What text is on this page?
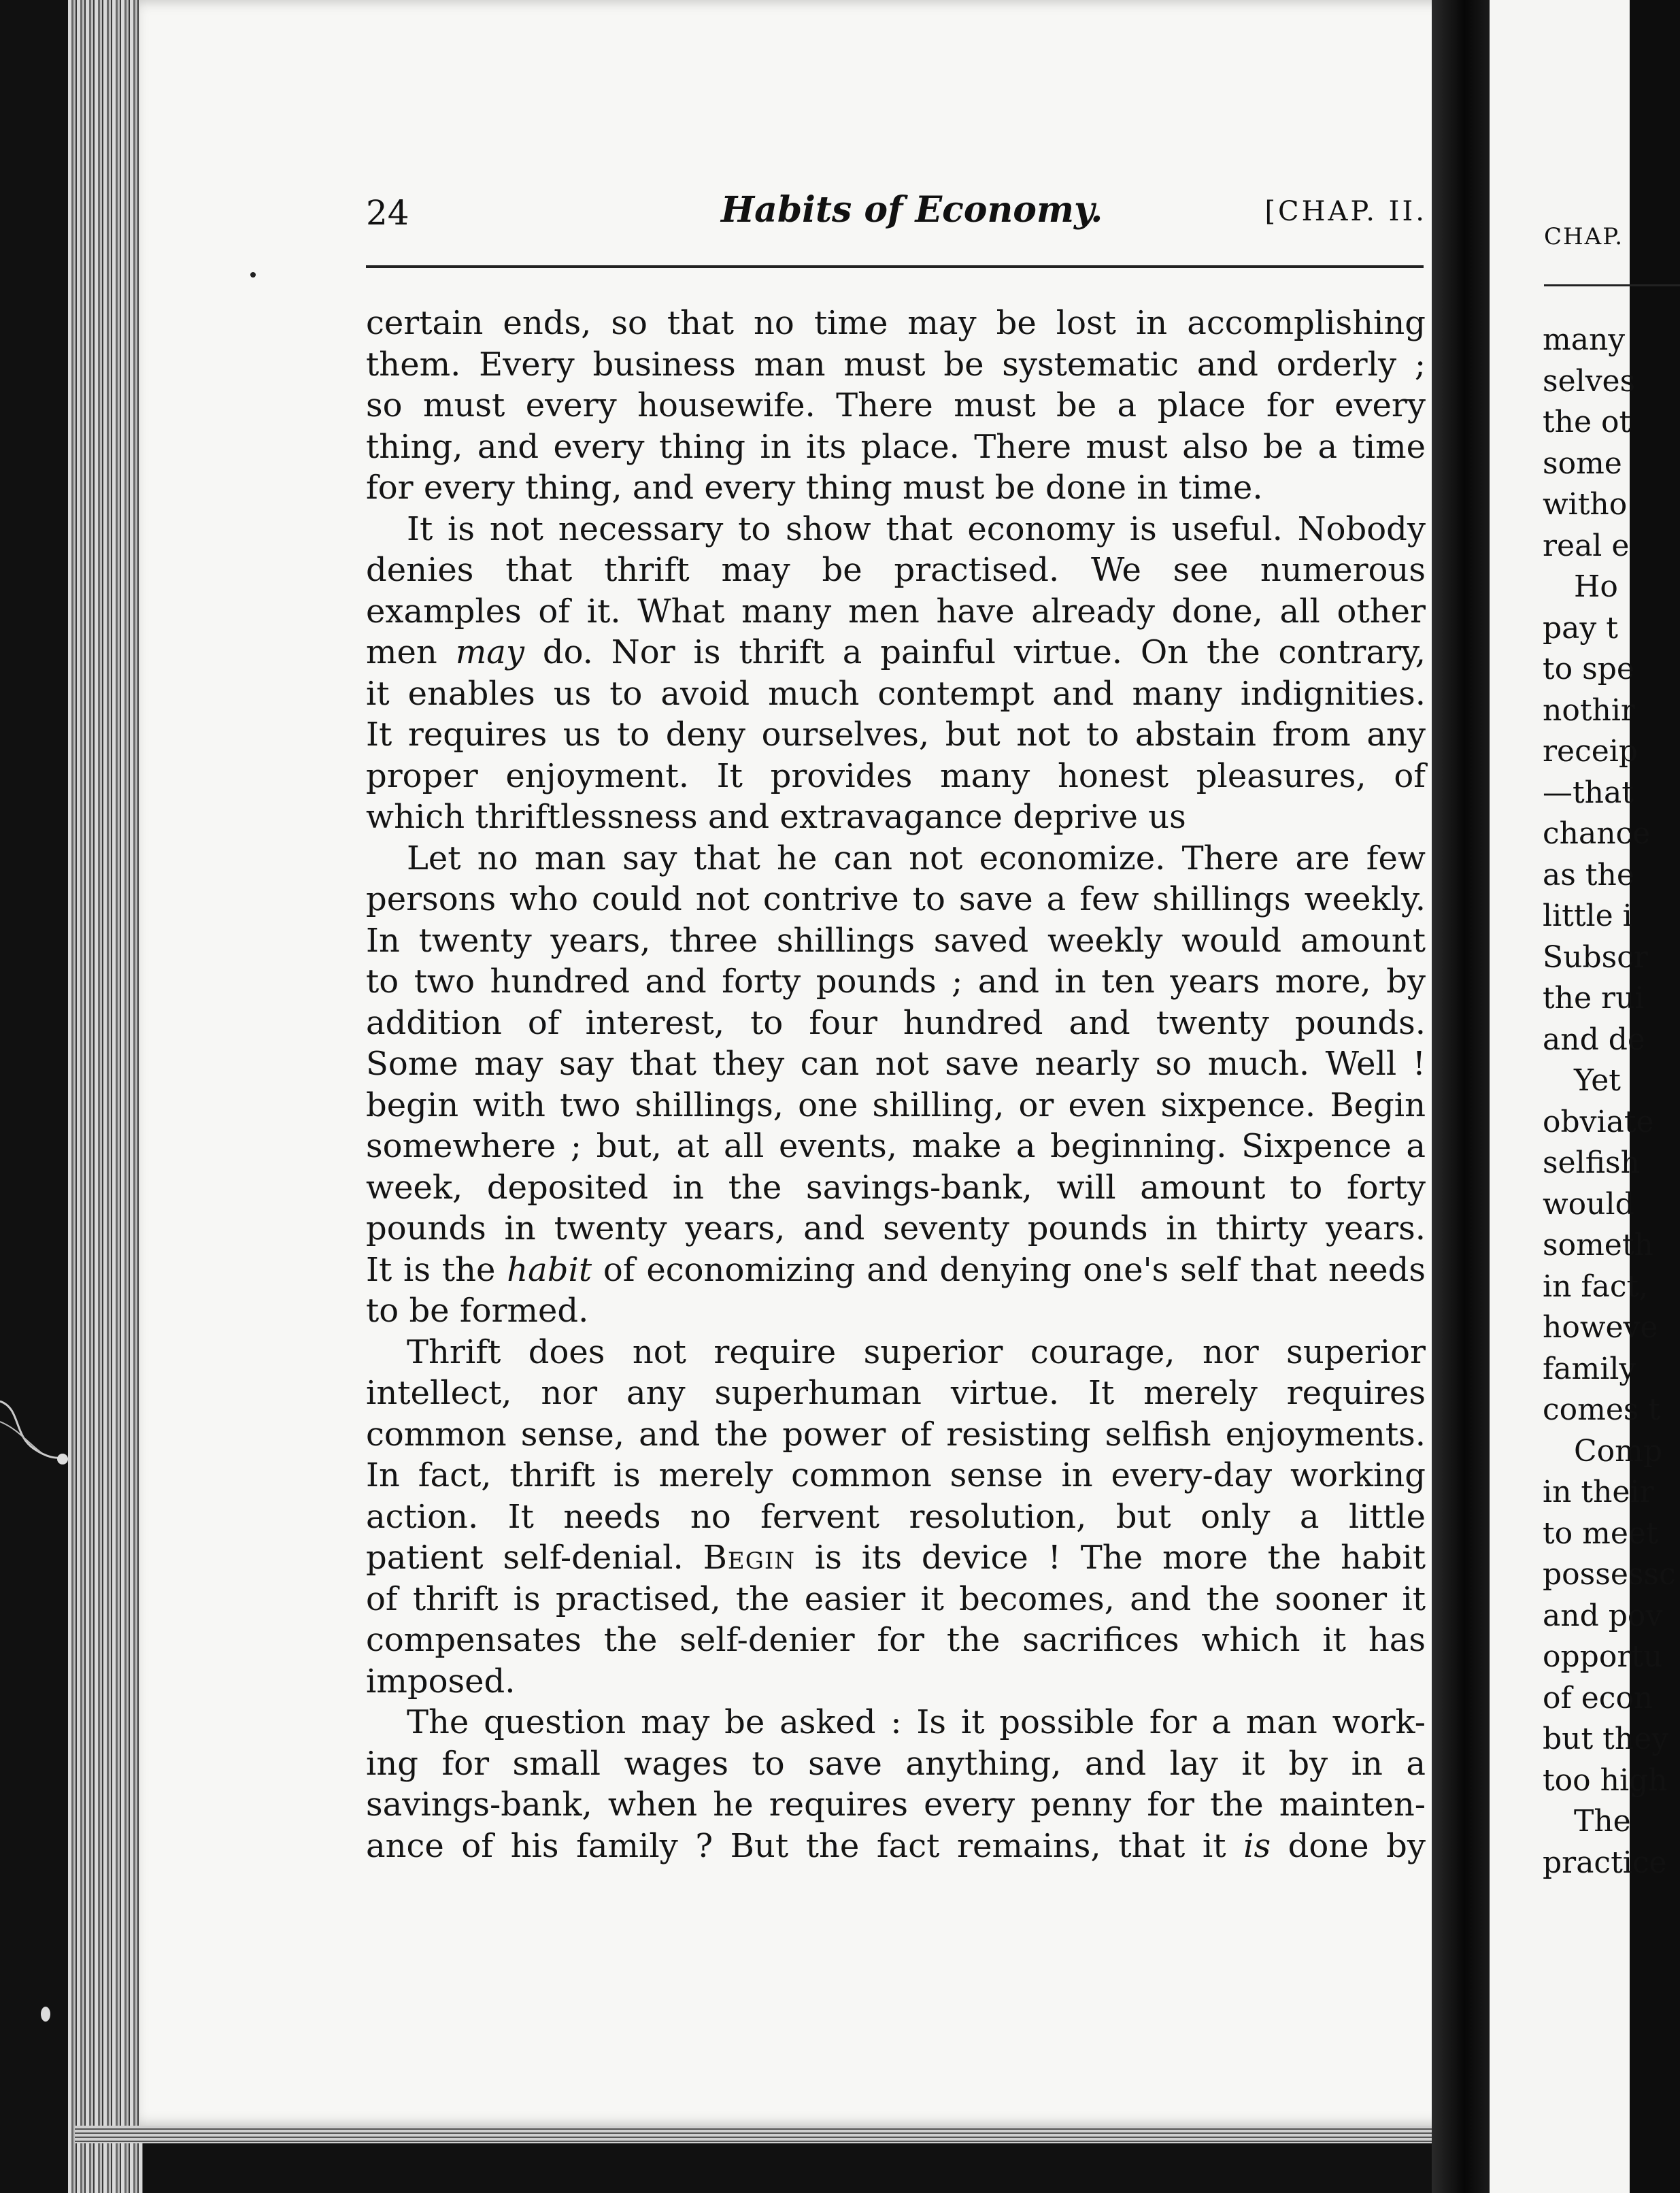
CHAP.
many
selves
the ot
some
witho
real e
Ho
pay t
to spe
nothir
receip
—that
chance
as the
little i
Subscr
the rui
and de
Yet
obviate
selfish
would
someth
in fact,
howeve
family
comes t
Comp
in their
to meet
possessc
and pov
opportu
of econ
but they
too high
The
practice
24	Habits of Economy.	[CHAP. II.
certain ends, so that no time may be lost in accomplishing
them. Every business man must be systematic and orderly ;
so must every housewife. There must be a place for every
thing, and every thing in its place. There must also be a time
for every thing, and every thing must be done in time.
It is not necessary to show that economy is useful. Nobody
denies that thrift may be practised. We see numerous
examples of it. What many men have already done, all other
men may do. Nor is thrift a painful virtue. On the contrary,
it enables us to avoid much contempt and many indignities.
It requires us to deny ourselves, but not to abstain from any
proper enjoyment. It provides many honest pleasures, of
which thriftlessness and extravagance deprive us
Let no man say that he can not economize. There are few
persons who could not contrive to save a few shillings weekly.
In twenty years, three shillings saved weekly would amount
to two hundred and forty pounds ; and in ten years more, by
addition of interest, to four hundred and twenty pounds.
Some may say that they can not save nearly so much. Well !
begin with two shillings, one shilling, or even sixpence. Begin
somewhere ; but, at all events, make a beginning. Sixpence a
week, deposited in the savings-bank, will amount to forty
pounds in twenty years, and seventy pounds in thirty years.
It is the habit of economizing and denying one's self that needs
to be formed.
Thrift does not require superior courage, nor superior
intellect, nor any superhuman virtue. It merely requires
common sense, and the power of resisting selfish enjoyments.
In fact, thrift is merely common sense in every-day working
action. It needs no fervent resolution, but only a little
patient self-denial. Begin is its device ! The more the habit
of thrift is practised, the easier it becomes, and the sooner it
compensates the self-denier for the sacrifices which it has
imposed.
The question may be asked : Is it possible for a man work-
ing for small wages to save anything, and lay it by in a
savings-bank, when he requires every penny for the mainten-
ance of his family ? But the fact remains, that it is done by
